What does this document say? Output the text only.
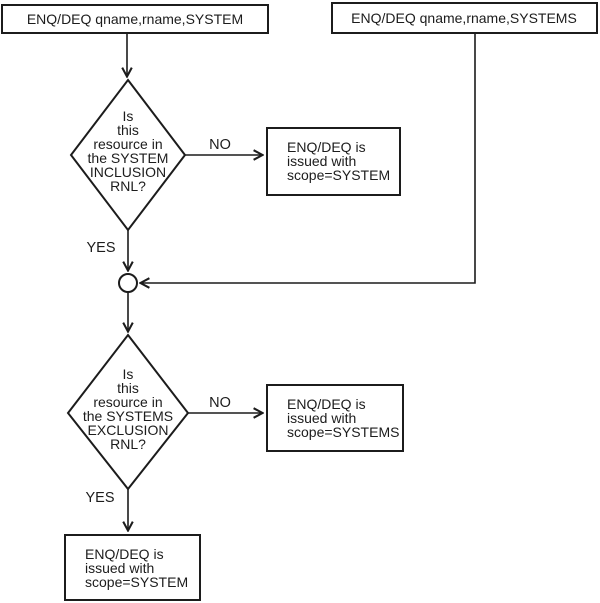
NO
YES
NO
YES
ENQ/DEQ qname,rname,SYSTEM	ENQ/DEQ qname,rname,SYSTEMS
Is
this
resource in
the SYSTEM
INCLUSION
RNL?
ENQ/DEQ is
issued with
scope=SYSTEM
Is
this
resource in
the SYSTEMS
EXCLUSION
RNL?
ENQ/DEQ is
issued with
scope=SYSTEMS
ENQ/DEQ is
issued with
scope=SYSTEM
